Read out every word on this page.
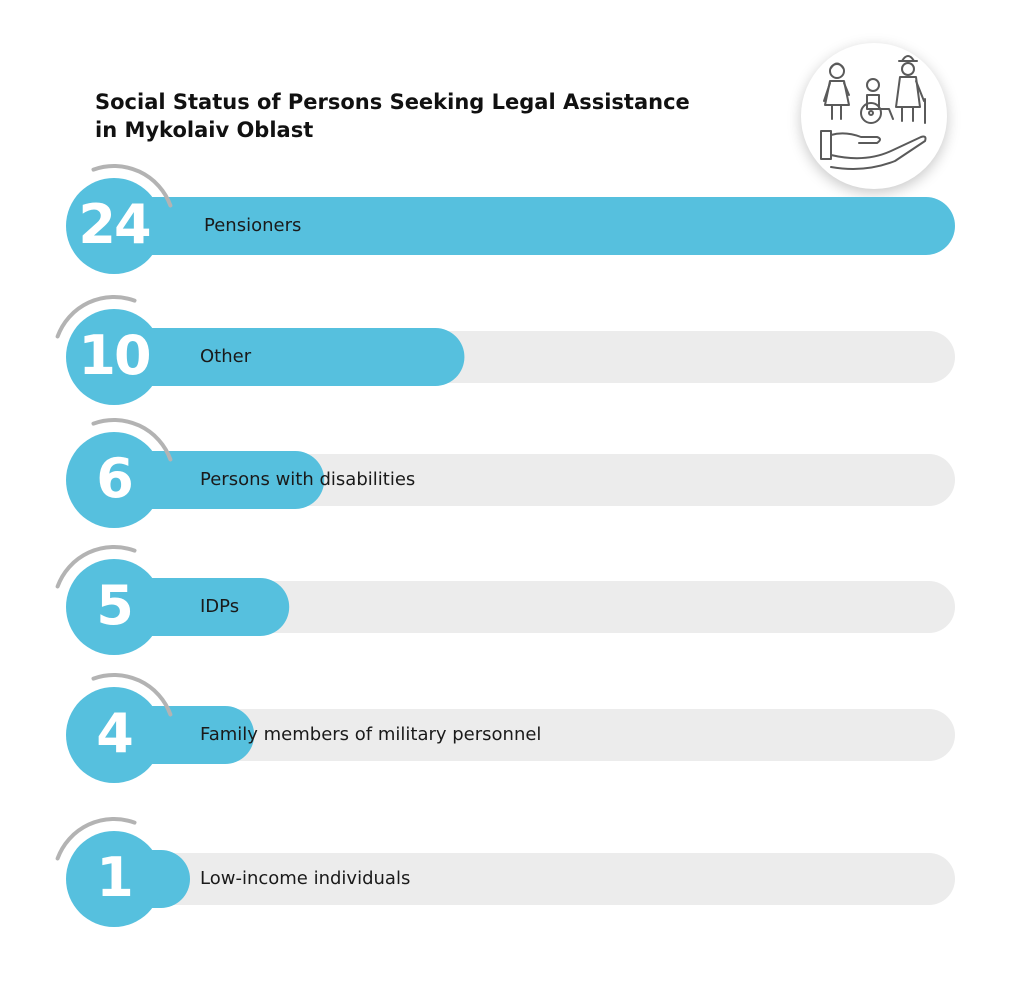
Social Status of Persons Seeking Legal Assistance
in Mykolaiv Oblast
24	Pensioners
10	Other
6	Persons with disabilities
5	IDPs
4	Family members of military personnel
1	Low-income individuals
